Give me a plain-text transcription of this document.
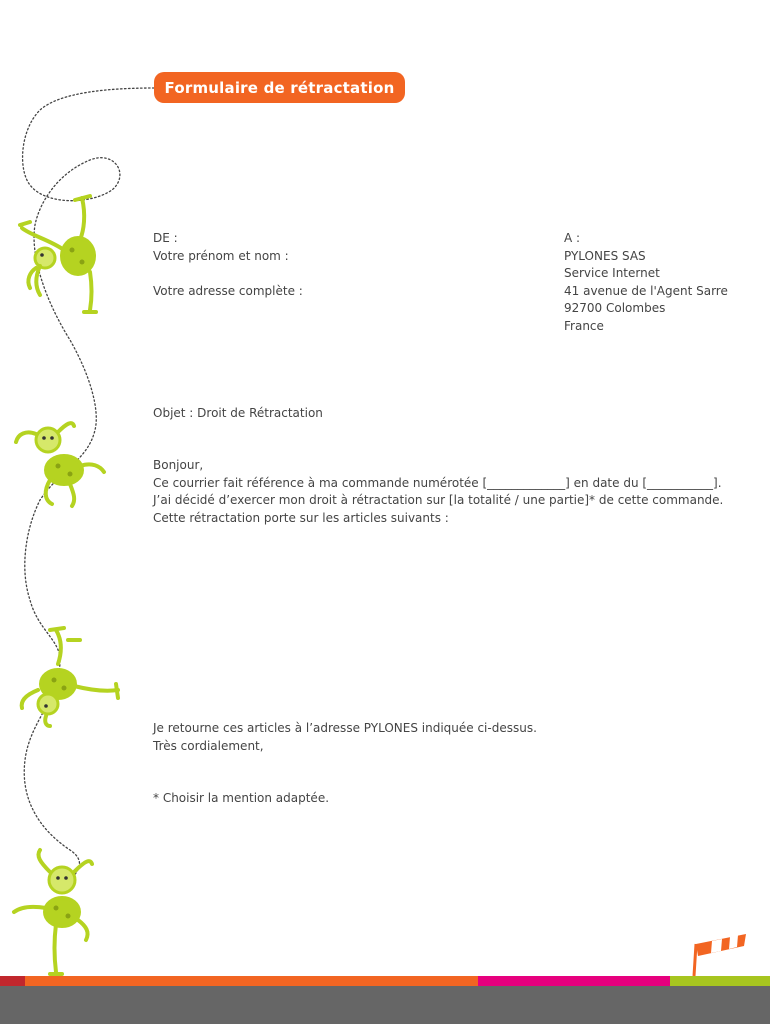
Formulaire de rétractation
DE :
Votre prénom et nom :
Votre adresse complète :
A :
PYLONES SAS
Service Internet
41 avenue de l'Agent Sarre
92700 Colombes
France
Objet : Droit de Rétractation
Bonjour,
Ce courrier fait référence à ma commande numérotée [_____________] en date du [___________].
J’ai décidé d’exercer mon droit à rétractation sur [la totalité / une partie]* de cette commande.
Cette rétractation porte sur les articles suivants :
Je retourne ces articles à l’adresse PYLONES indiquée ci-dessus.
Très cordialement,
* Choisir la mention adaptée.
